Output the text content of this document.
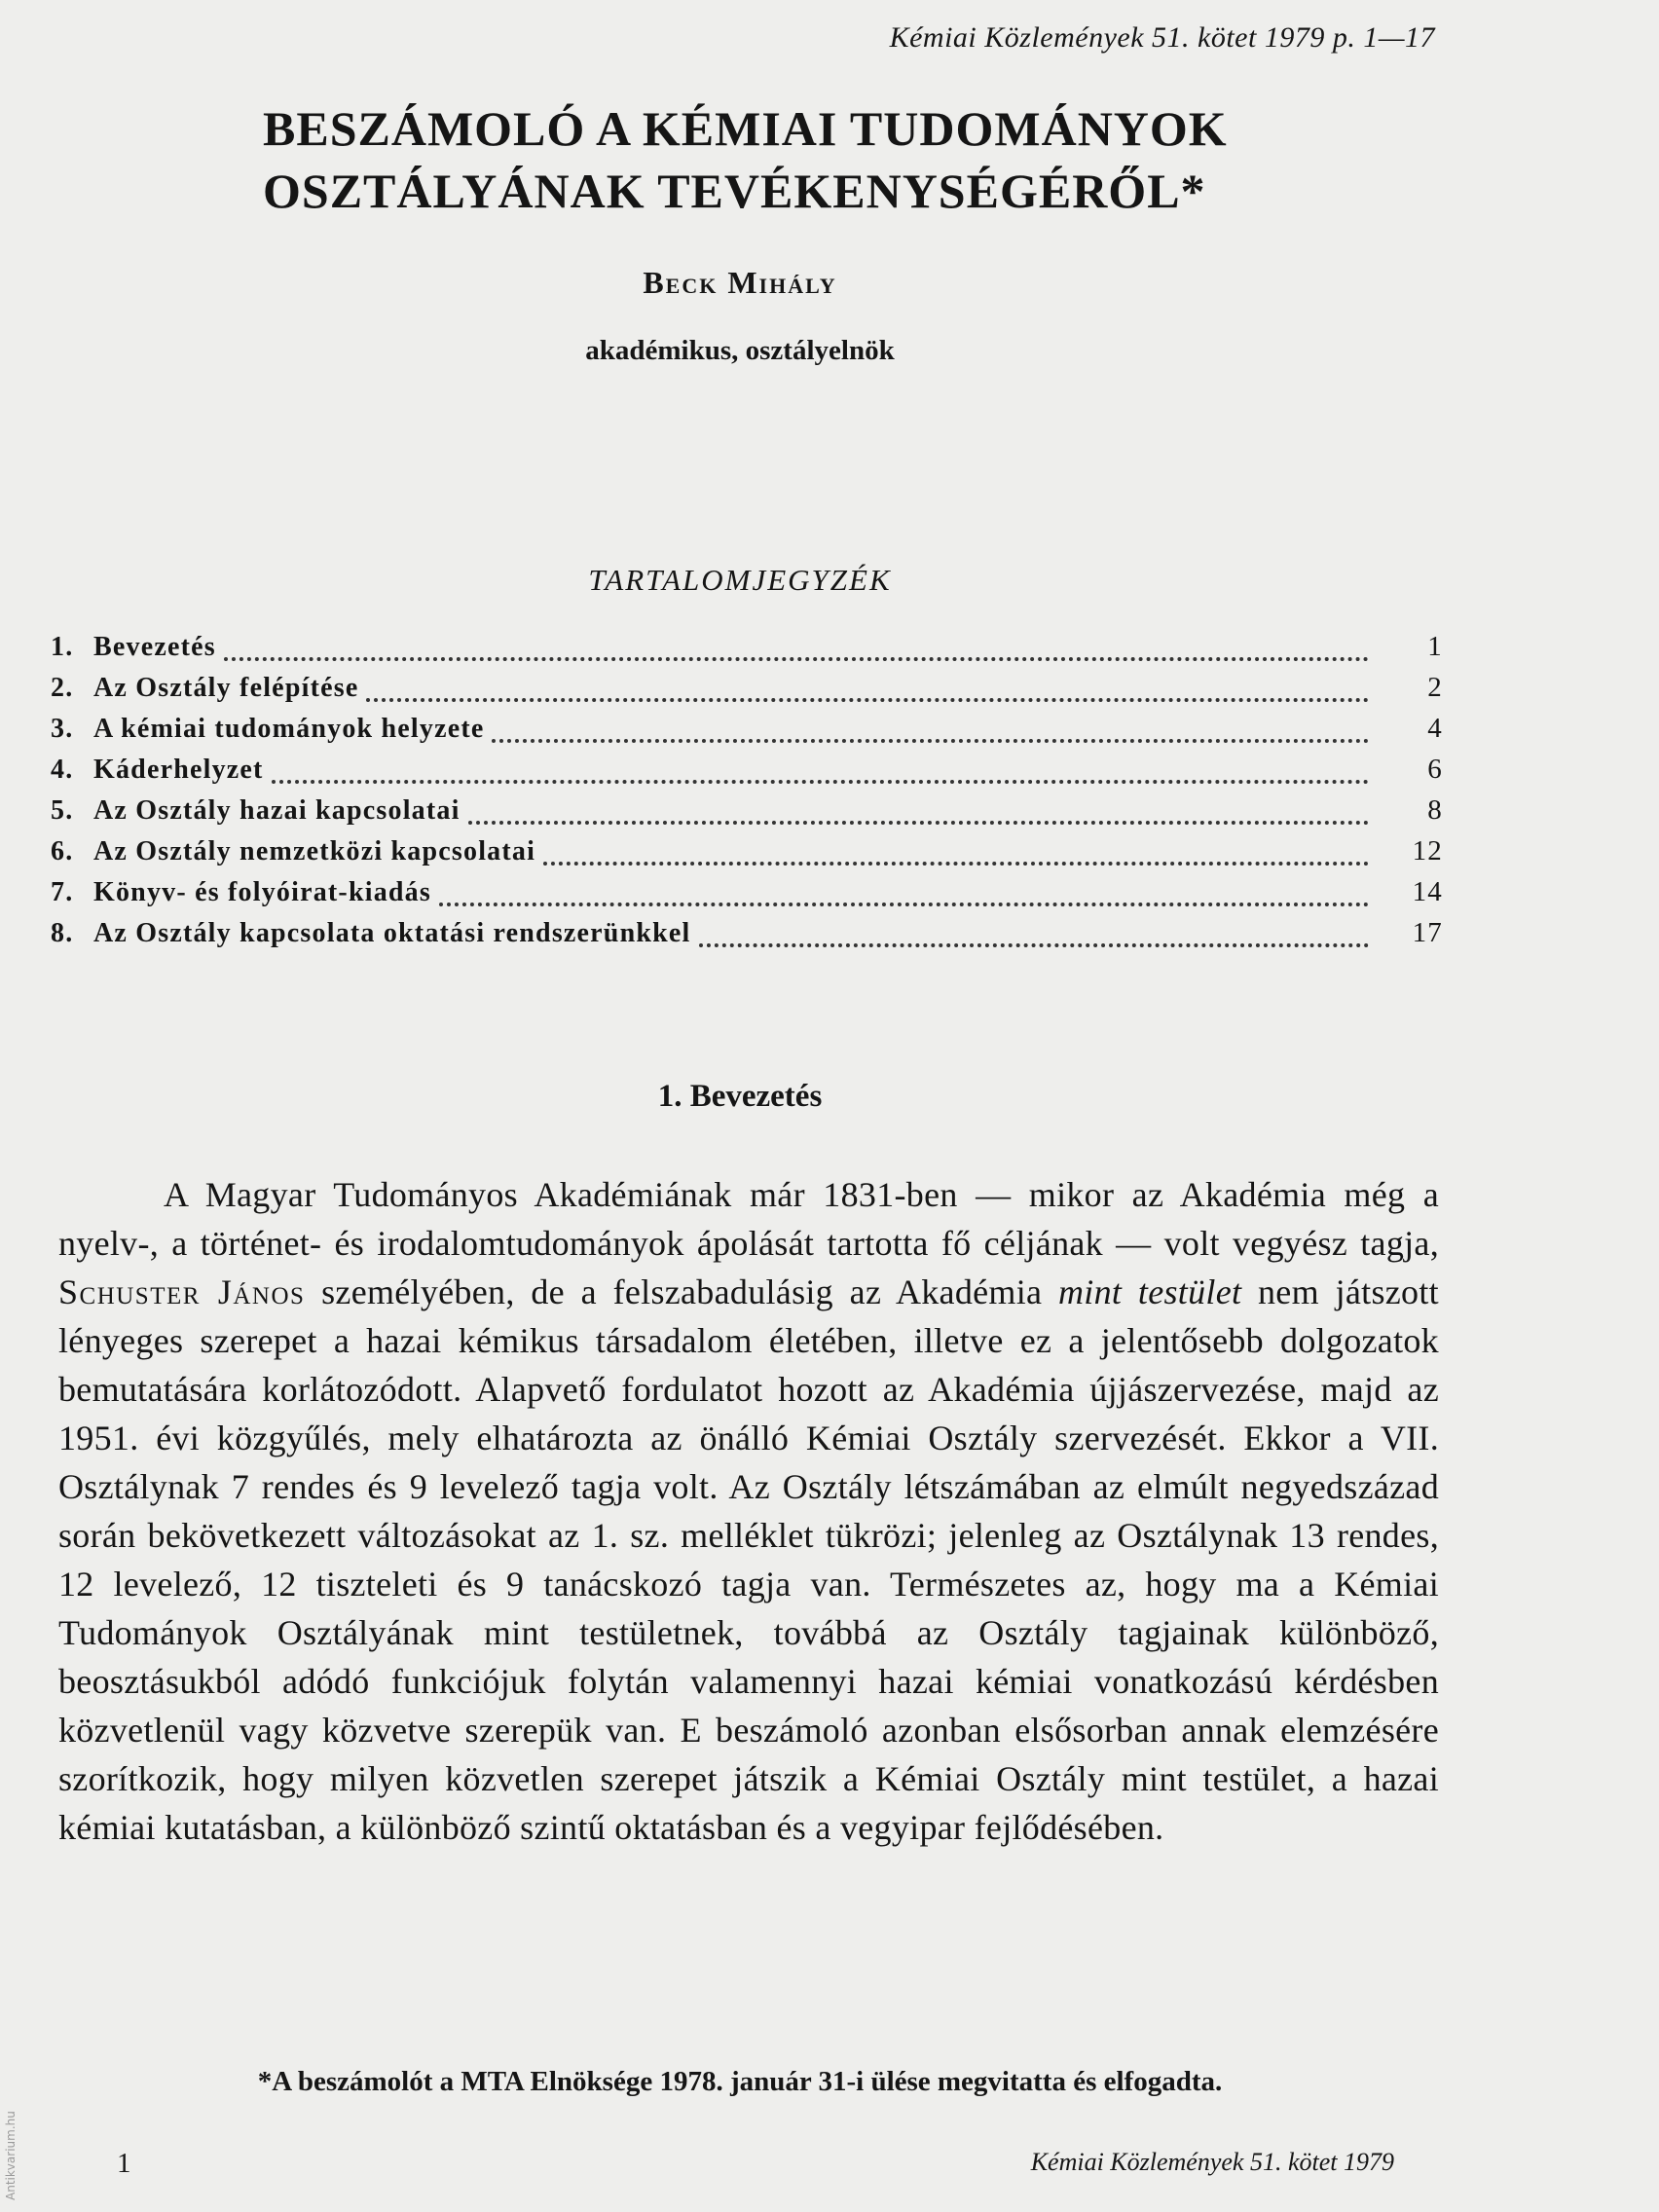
Kémiai Közlemények 51. kötet 1979 p. 1—17
BESZÁMOLÓ A KÉMIAI TUDOMÁNYOK
OSZTÁLYÁNAK TEVÉKENYSÉGÉRŐL*
Beck Mihály
akadémikus, osztályelnök
TARTALOMJEGYZÉK
1. Bevezetés	1
2. Az Osztály felépítése	2
3. A kémiai tudományok helyzete	4
4. Káderhelyzet	6
5. Az Osztály hazai kapcsolatai	8
6. Az Osztály nemzetközi kapcsolatai	12
7. Könyv- és folyóirat-kiadás	14
8. Az Osztály kapcsolata oktatási rendszerünkkel	17
1. Bevezetés
A Magyar Tudományos Akadémiának már 1831-ben — mikor az Akadémia még a nyelv-, a történet- és irodalomtudományok ápolását tartotta fő céljának — volt vegyész tagja, Schuster János személyében, de a felszabadulásig az Akadémia mint testület nem játszott lényeges szerepet a hazai kémikus társadalom életében, illetve ez a jelentősebb dolgozatok bemutatására korlátozódott. Alapvető fordulatot hozott az Akadémia újjászervezése, majd az 1951. évi közgyűlés, mely elhatározta az önálló Kémiai Osztály szervezését. Ekkor a VII. Osztálynak 7 rendes és 9 levelező tagja volt. Az Osztály létszámában az elmúlt negyedszázad során bekövetkezett változásokat az 1. sz. melléklet tükrözi; jelenleg az Osztálynak 13 rendes, 12 levelező, 12 tiszteleti és 9 tanácskozó tagja van. Természetes az, hogy ma a Kémiai Tudományok Osztályának mint testületnek, továbbá az Osztály tagjainak különböző, beosztásukból adódó funkciójuk folytán valamennyi hazai kémiai vonatkozású kérdésben közvetlenül vagy közvetve szerepük van. E beszámoló azonban elsősorban annak elemzésére szorítkozik, hogy milyen közvetlen szerepet játszik a Kémiai Osztály mint testület, a hazai kémiai kutatásban, a különböző szintű oktatásban és a vegyipar fejlődésében.
*A beszámolót a MTA Elnöksége 1978. január 31-i ülése megvitatta és elfogadta.
1	Kémiai Közlemények 51. kötet 1979
Antikvarium.hu
